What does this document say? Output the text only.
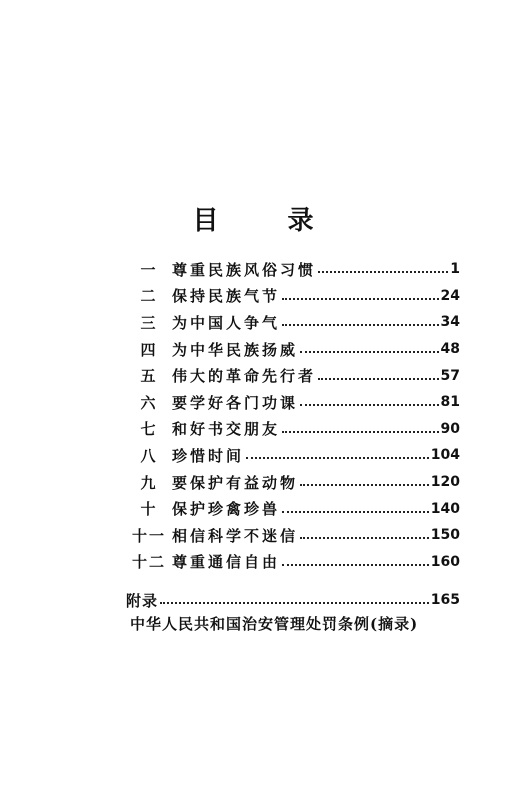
目 录
一 尊重民族风俗习惯	1
二 保持民族气节	24
三 为中国人争气	34
四 为中华民族扬威	48
五 伟大的革命先行者	57
六 要学好各门功课	81
七 和好书交朋友	90
八 珍惜时间	104
九 要保护有益动物	120
十 保护珍禽珍兽	140
十一 相信科学不迷信	150
十二 尊重通信自由	160
附录	165
中华人民共和国治安管理处罚条例(摘录)
